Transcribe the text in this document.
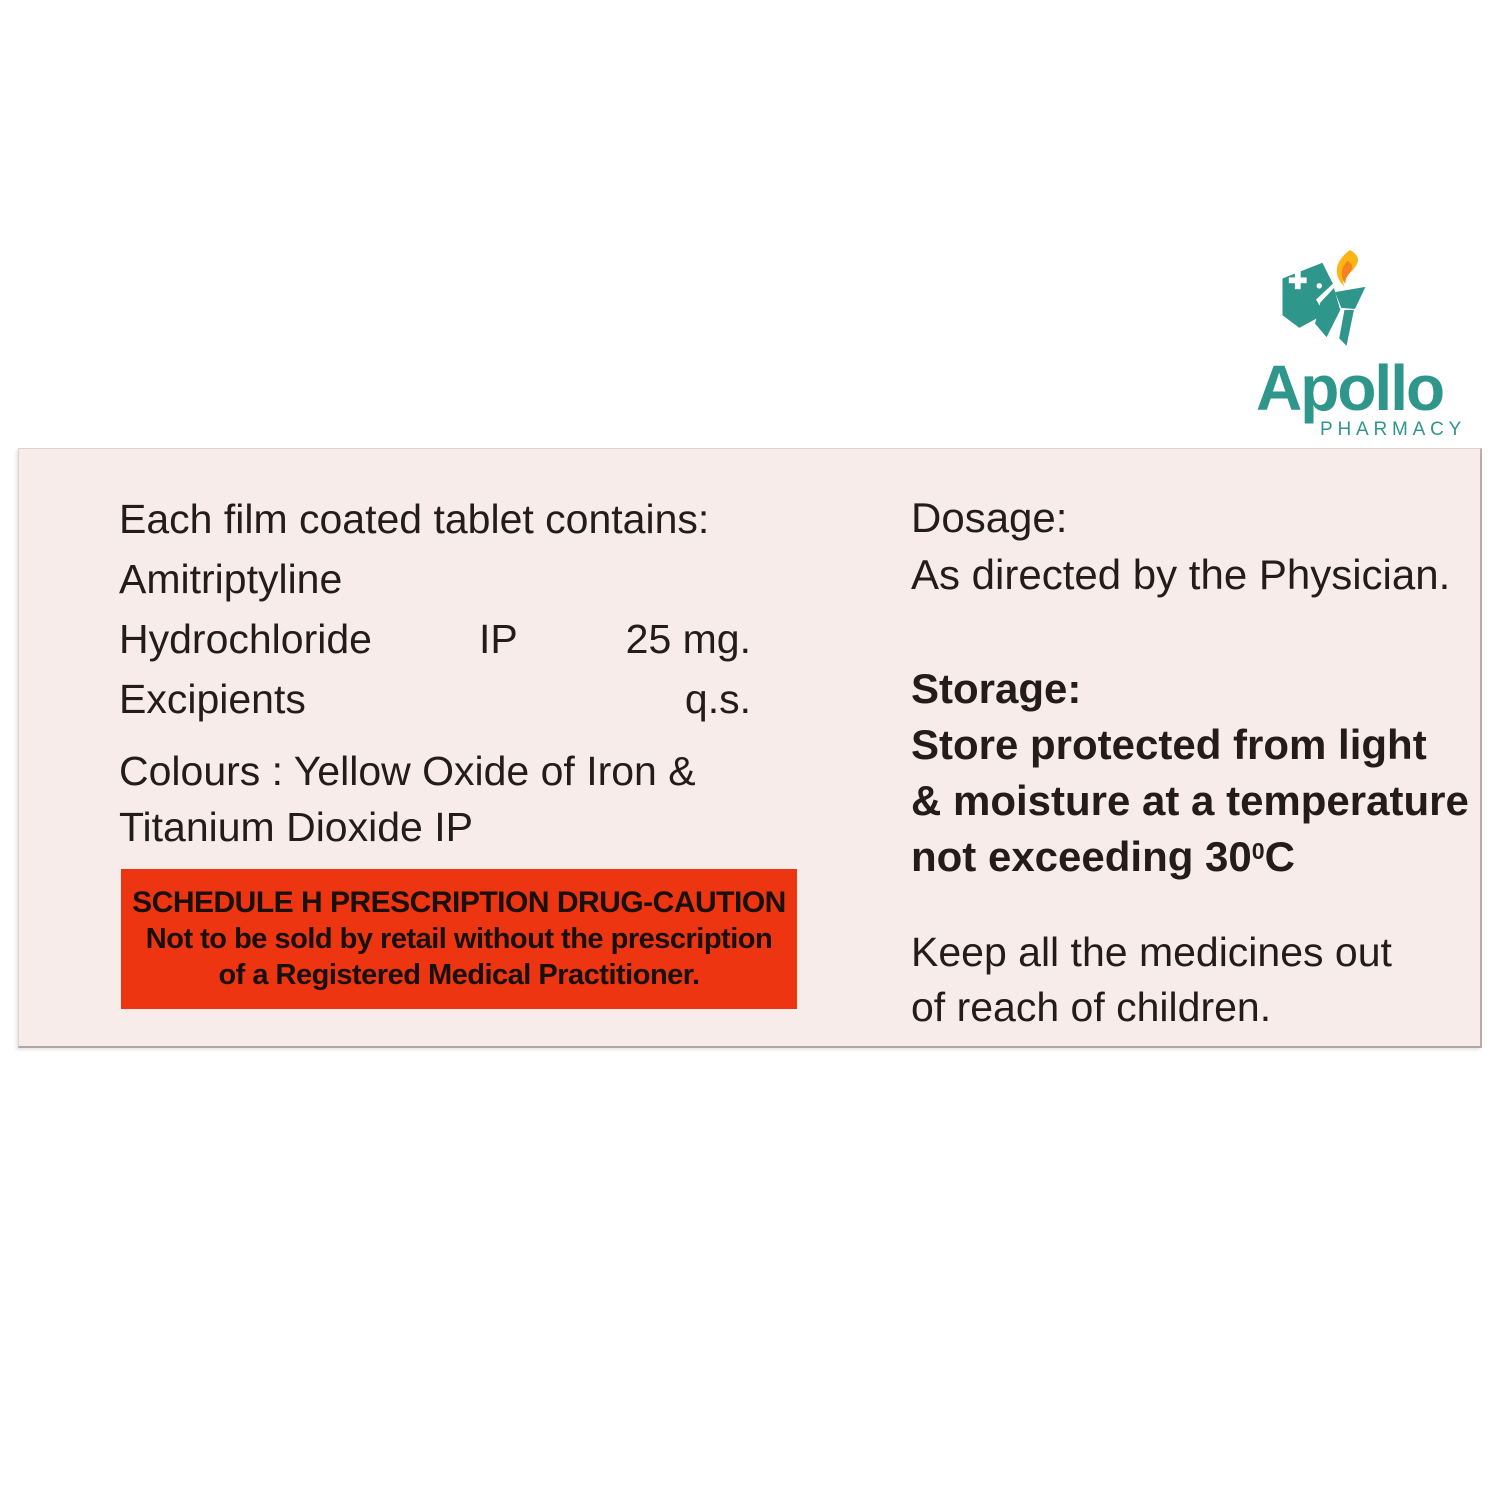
Apollo
PHARMACY
Each film coated tablet contains:
Amitriptyline
Hydrochloride	IP	25 mg.
Excipients	q.s.
Colours : Yellow Oxide of Iron &
Titanium Dioxide IP
SCHEDULE H PRESCRIPTION DRUG-CAUTION
Not to be sold by retail without the prescription
of a Registered Medical Practitioner.
Dosage:
As directed by the Physician.
Storage:
Store protected from light
& moisture at a temperature
not exceeding $30^0C$
Keep all the medicines out
of reach of children.
